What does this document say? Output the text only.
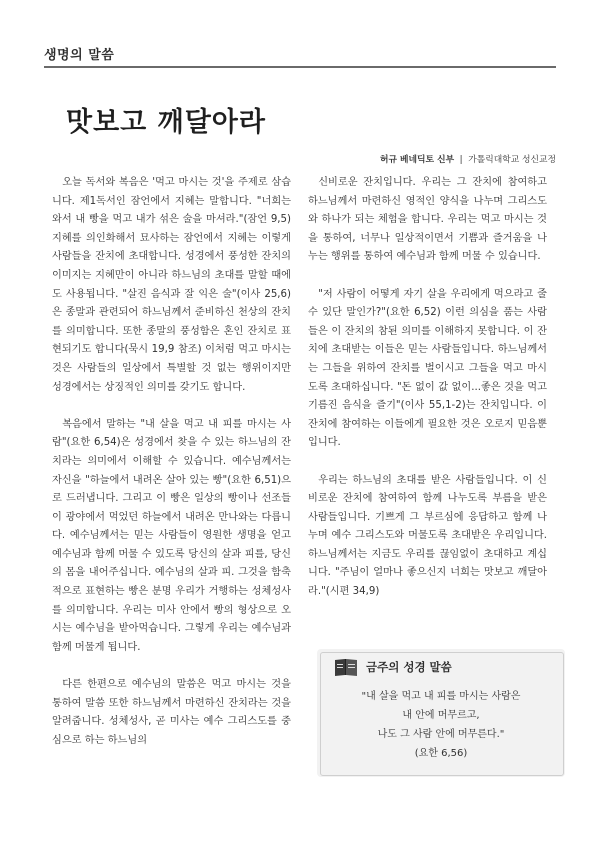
생명의 말씀
맛보고 깨달아라
허규 베네딕토 신부  |  가톨릭대학교 성신교정

오늘 독서와 복음은 '먹고 마시는 것'을 주제로 삼습니다. 제1독서인 잠언에서 지혜는 말합니다. "너희는 와서 내 빵을 먹고 내가 섞은 술을 마셔라."(잠언 9,5) 지혜를 의인화해서 묘사하는 잠언에서 지혜는 이렇게 사람들을 잔치에 초대합니다. 성경에서 풍성한 잔치의 이미지는 지혜만이 아니라 하느님의 초대를 말할 때에도 사용됩니다. "살진 음식과 잘 익은 술"(이사 25,6)은 종말과 관련되어 하느님께서 준비하신 천상의 잔치를 의미합니다. 또한 종말의 풍성함은 혼인 잔치로 표현되기도 합니다(묵시 19,9 참조) 이처럼 먹고 마시는 것은 사람들의 일상에서 특별할 것 없는 행위이지만 성경에서는 상징적인 의미를 갖기도 합니다.

복음에서 말하는 "내 살을 먹고 내 피를 마시는 사람"(요한 6,54)은 성경에서 찾을 수 있는 하느님의 잔치라는 의미에서 이해할 수 있습니다. 예수님께서는 자신을 "하늘에서 내려온 살아 있는 빵"(요한 6,51)으로 드러냅니다. 그리고 이 빵은 일상의 빵이나 선조들이 광야에서 먹었던 하늘에서 내려온 만나와는 다릅니다. 예수님께서는 믿는 사람들이 영원한 생명을 얻고 예수님과 함께 머물 수 있도록 당신의 살과 피를, 당신의 몸을 내어주십니다. 예수님의 살과 피. 그것을 함축적으로 표현하는 빵은 분명 우리가 거행하는 성체성사를 의미합니다. 우리는 미사 안에서 빵의 형상으로 오시는 예수님을 받아먹습니다. 그렇게 우리는 예수님과 함께 머물게 됩니다.

다른 한편으로 예수님의 말씀은 먹고 마시는 것을 통하여 말씀 또한 하느님께서 마련하신 잔치라는 것을 알려줍니다. 성체성사, 곧 미사는 예수 그리스도를 중심으로 하는 하느님의

신비로운 잔치입니다. 우리는 그 잔치에 참여하고 하느님께서 마련하신 영적인 양식을 나누며 그리스도와 하나가 되는 체험을 합니다. 우리는 먹고 마시는 것을 통하여, 너무나 일상적이면서 기쁨과 즐거움을 나누는 행위를 통하여 예수님과 함께 머물 수 있습니다.

"저 사람이 어떻게 자기 살을 우리에게 먹으라고 줄 수 있단 말인가?"(요한 6,52) 이런 의심을 품는 사람들은 이 잔치의 참된 의미를 이해하지 못합니다. 이 잔치에 초대받는 이들은 믿는 사람들입니다. 하느님께서는 그들을 위하여 잔치를 벌이시고 그들을 먹고 마시도록 초대하십니다. "돈 없이 값 없이...좋은 것을 먹고 기름진 음식을 즐기"(이사 55,1-2)는 잔치입니다. 이 잔치에 참여하는 이들에게 필요한 것은 오로지 믿음뿐입니다.

우리는 하느님의 초대를 받은 사람들입니다. 이 신비로운 잔치에 참여하여 함께 나누도록 부름을 받은 사람들입니다. 기쁘게 그 부르심에 응답하고 함께 나누며 예수 그리스도와 머물도록 초대받은 우리입니다. 하느님께서는 지금도 우리를 끊임없이 초대하고 계십니다. "주님이 얼마나 좋으신지 너희는 맛보고 깨달아라."(시편 34,9)

금주의 성경 말씀
"내 살을 먹고 내 피를 마시는 사람은
내 안에 머무르고,
나도 그 사람 안에 머무른다."
(요한 6,56)
